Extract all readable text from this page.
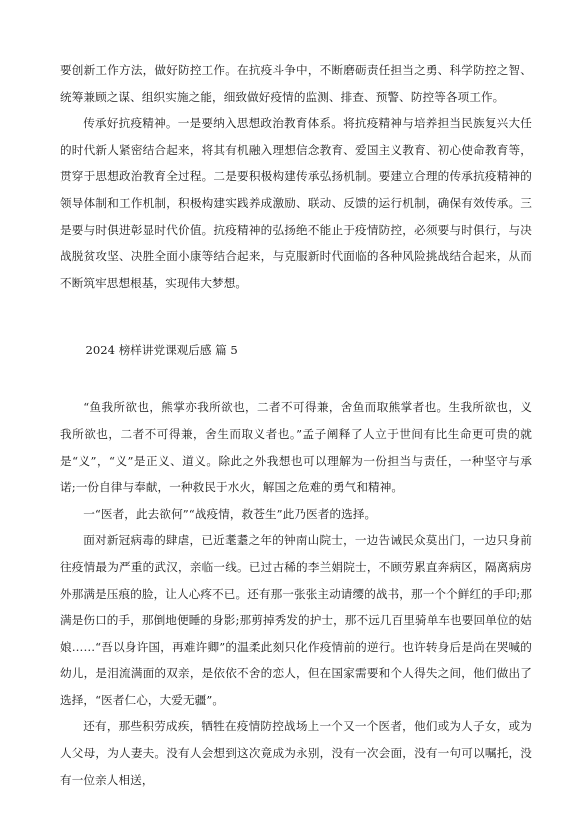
要创新工作方法，做好防控工作。在抗疫斗争中，不断磨砺责任担当之勇、科学防控之智、统筹兼顾之谋、组织实施之能，细致做好疫情的监测、排查、预警、防控等各项工作。

传承好抗疫精神。一是要纳入思想政治教育体系。将抗疫精神与培养担当民族复兴大任的时代新人紧密结合起来，将其有机融入理想信念教育、爱国主义教育、初心使命教育等，贯穿于思想政治教育全过程。二是要积极构建传承弘扬机制。要建立合理的传承抗疫精神的领导体制和工作机制，积极构建实践养成激励、联动、反馈的运行机制，确保有效传承。三是要与时俱进彰显时代价值。抗疫精神的弘扬绝不能止于疫情防控，必须要与时俱行，与决战脱贫攻坚、决胜全面小康等结合起来，与克服新时代面临的各种风险挑战结合起来，从而不断筑牢思想根基，实现伟大梦想。

2024 榜样讲党课观后感 篇 5

“鱼我所欲也，熊掌亦我所欲也，二者不可得兼，舍鱼而取熊掌者也。生我所欲也，义我所欲也，二者不可得兼，舍生而取义者也。”孟子阐释了人立于世间有比生命更可贵的就是“义”，“义”是正义、道义。除此之外我想也可以理解为一份担当与责任，一种坚守与承诺;一份自律与奉献，一种救民于水火，解国之危难的勇气和精神。

一“医者，此去欲何”“战疫情，救苍生”此乃医者的选择。

面对新冠病毒的肆虐，已近耄耋之年的钟南山院士，一边告诫民众莫出门，一边只身前往疫情最为严重的武汉，亲临一线。已过古稀的李兰娟院士，不顾劳累直奔病区，隔离病房外那满是压痕的脸，让人心疼不已。还有那一张张主动请缨的战书，那一个个鲜红的手印;那满是伤口的手，那倒地便睡的身影;那剪掉秀发的护士，那不远几百里骑单车也要回单位的姑娘……“吾以身许国，再难许卿”的温柔此刻只化作疫情前的逆行。也许转身后是尚在哭喊的幼儿，是泪流满面的双亲，是依依不舍的恋人，但在国家需要和个人得失之间，他们做出了选择，“医者仁心，大爱无疆”。

还有，那些积劳成疾，牺牲在疫情防控战场上一个又一个医者，他们或为人子女，或为人父母，为人妻夫。没有人会想到这次竟成为永别，没有一次会面，没有一句可以嘱托，没有一位亲人相送，
